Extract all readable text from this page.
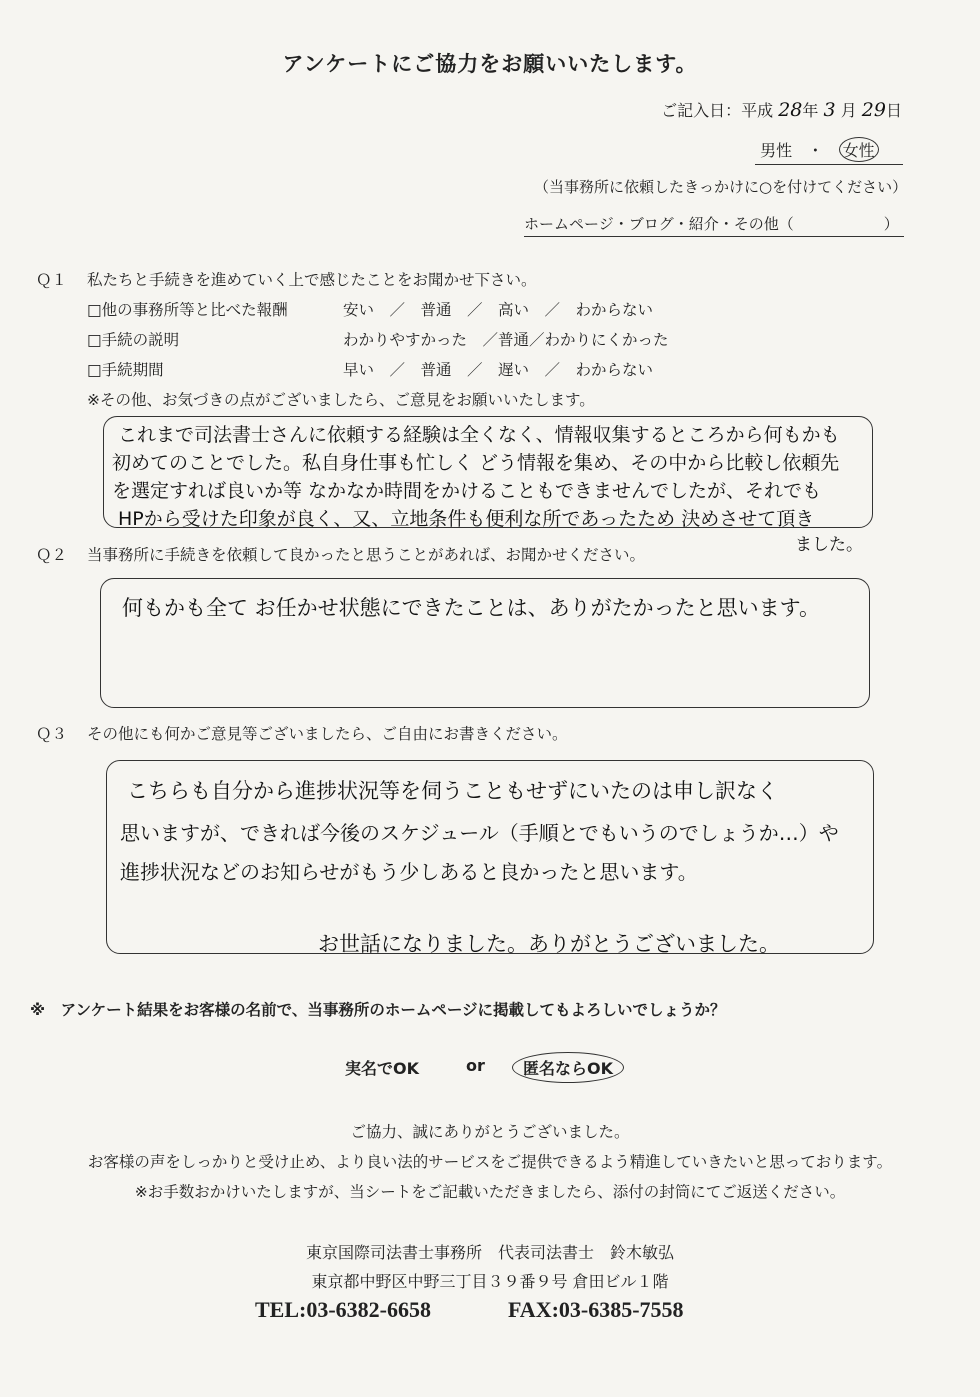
アンケートにご協力をお願いいたします。
ご記入日：平成 28年 3 月 29日
男性 ・ 女性
（当事務所に依頼したきっかけに○を付けてください）
ホームページ・ブログ・紹介・その他（　　　　　　）
Ｑ１ 私たちと手続きを進めていく上で感じたことをお聞かせ下さい。
□他の事務所等と比べた報酬	安い　／　普通　／　高い　／　わからない
□手続の説明	わかりやすかった　／普通／わかりにくかった
□手続期間	早い　／　普通　／　遅い　／　わからない
※その他、お気づきの点がございましたら、ご意見をお願いいたします。
これまで司法書士さんに依頼する経験は全くなく、情報収集するところから何もかも
初めてのことでした。私自身仕事も忙しく どう情報を集め、その中から比較し依頼先
を選定すれば良いか等 なかなか時間をかけることもできませんでしたが、それでも
HPから受けた印象が良く、又、立地条件も便利な所であったため 決めさせて頂き
ました。
Ｑ２ 当事務所に手続きを依頼して良かったと思うことがあれば、お聞かせください。
何もかも全て お任かせ状態にできたことは、ありがたかったと思います。
Ｑ３ その他にも何かご意見等ございましたら、ご自由にお書きください。
こちらも自分から進捗状況等を伺うこともせずにいたのは申し訳なく
思いますが、できれば今後のスケジュール（手順とでもいうのでしょうか…）や
進捗状況などのお知らせがもう少しあると良かったと思います。
お世話になりました。ありがとうございました。
※　アンケート結果をお客様の名前で、当事務所のホームページに掲載してもよろしいでしょうか？
実名でOK	or	匿名ならOK
ご協力、誠にありがとうございました。
お客様の声をしっかりと受け止め、より良い法的サービスをご提供できるよう精進していきたいと思っております。
※お手数おかけいたしますが、当シートをご記載いただきましたら、添付の封筒にてご返送ください。
東京国際司法書士事務所　代表司法書士　鈴木敏弘
東京都中野区中野三丁目３９番９号 倉田ビル１階
TEL:03-6382-6658	FAX:03-6385-7558
